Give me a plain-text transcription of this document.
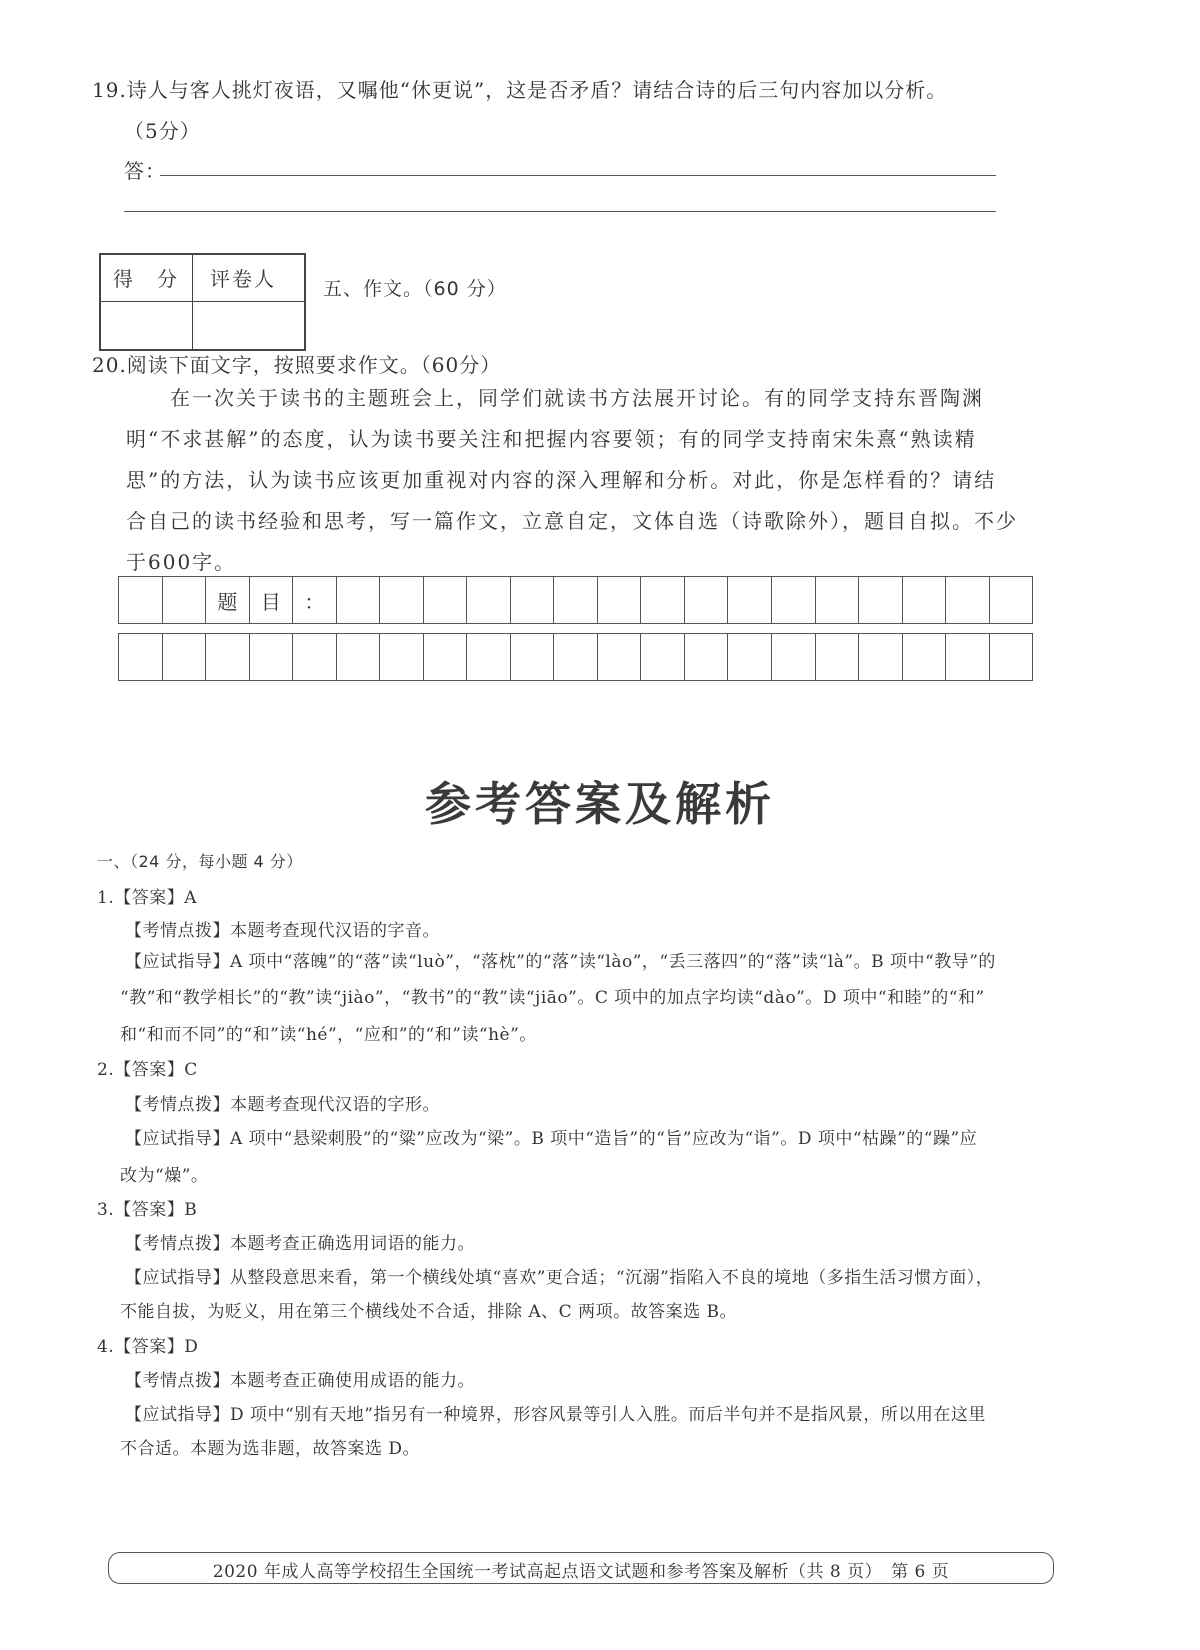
19.诗人与客人挑灯夜语，又嘱他“休更说”，这是否矛盾？请结合诗的后三句内容加以分析。
（5分）
答：
得　分 评卷人 五、作文。（60 分）
20.阅读下面文字，按照要求作文。（60分）
在一次关于读书的主题班会上，同学们就读书方法展开讨论。有的同学支持东晋陶渊
明“不求甚解”的态度，认为读书要关注和把握内容要领；有的同学支持南宋朱熹“熟读精
思”的方法，认为读书应该更加重视对内容的深入理解和分析。对此，你是怎样看的？请结
合自己的读书经验和思考，写一篇作文，立意自定，文体自选（诗歌除外），题目自拟。不少
于600字。
题	目	：
参考答案及解析
一、（24 分，每小题 4 分）
1.【答案】A
【考情点拨】本题考查现代汉语的字音。
【应试指导】A 项中“落魄”的“落”读“luò”，“落枕”的“落”读“lào”，“丢三落四”的“落”读“là”。B 项中“教导”的
“教”和“教学相长”的“教”读“jiào”，“教书”的“教”读“jiāo”。C 项中的加点字均读“dào”。D 项中“和睦”的“和”
和“和而不同”的“和”读“hé”，“应和”的“和”读“hè”。
2.【答案】C
【考情点拨】本题考查现代汉语的字形。
【应试指导】A 项中“悬梁刺股”的“粱”应改为“梁”。B 项中“造旨”的“旨”应改为“诣”。D 项中“枯躁”的“躁”应
改为“燥”。
3.【答案】B
【考情点拨】本题考查正确选用词语的能力。
【应试指导】从整段意思来看，第一个横线处填“喜欢”更合适；“沉溺”指陷入不良的境地（多指生活习惯方面），
不能自拔，为贬义，用在第三个横线处不合适，排除 A、C 两项。故答案选 B。
4.【答案】D
【考情点拨】本题考查正确使用成语的能力。
【应试指导】D 项中“别有天地”指另有一种境界，形容风景等引人入胜。而后半句并不是指风景，所以用在这里
不合适。本题为选非题，故答案选 D。
2020 年成人高等学校招生全国统一考试高起点语文试题和参考答案及解析（共 8 页）　第 6 页
